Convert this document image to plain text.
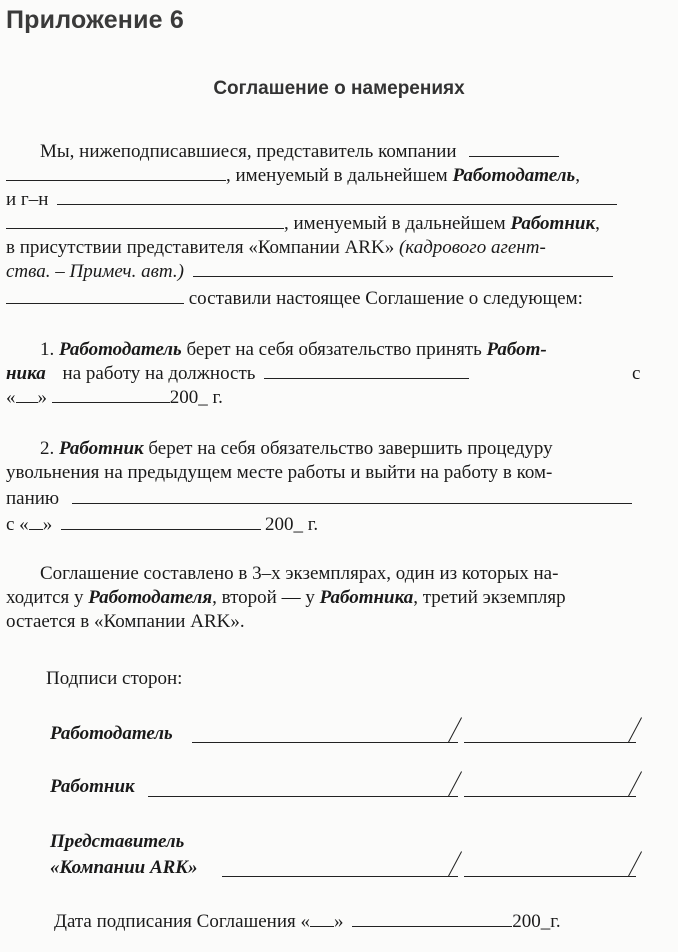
Приложение 6
Соглашение о намерениях
Мы, нижеподписавшиеся, представитель компании
, именуемый в дальнейшем Работодатель,
и г–н
, именуемый в дальнейшем Работник,
в присутствии представителя «Компании ARK» (кадрового агент-
ства. – Примеч. авт.)
составили настоящее Соглашение о следующем:
1. Работодатель берет на себя обязательство принять Работ-
ника на работу на должность	с
« »	200_ г.
2. Работник берет на себя обязательство завершить процедуру
увольнения на предыдущем месте работы и выйти на работу в ком-
панию
с « »	200_ г.
Соглашение составлено в 3–х экземплярах, один из которых на-
ходится у Работодателя, второй — у Работника, третий экземпляр
остается в «Компании ARK».
Подписи сторон:
Работодатель
Работник
Представитель
«Компании ARK»
Дата подписания Соглашения « »	200_г.
